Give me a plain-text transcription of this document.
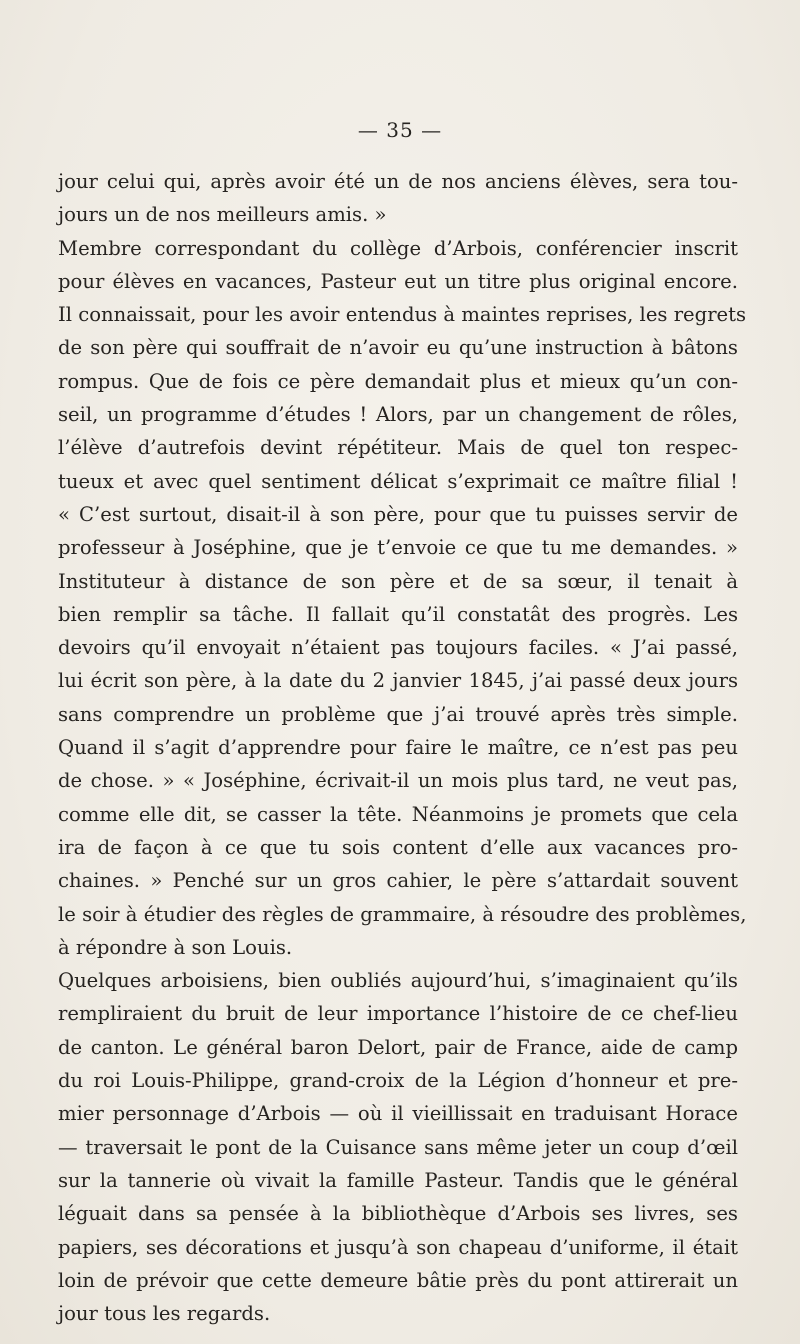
— 35 —
jour celui qui, après avoir été un de nos anciens élèves, sera tou-
jours un de nos meilleurs amis. »
Membre correspondant du collège d’Arbois, conférencier inscrit
pour élèves en vacances, Pasteur eut un titre plus original encore.
Il connaissait, pour les avoir entendus à maintes reprises, les regrets
de son père qui souffrait de n’avoir eu qu’une instruction à bâtons
rompus. Que de fois ce père demandait plus et mieux qu’un con-
seil, un programme d’études ! Alors, par un changement de rôles,
l’élève d’autrefois devint répétiteur. Mais de quel ton respec-
tueux et avec quel sentiment délicat s’exprimait ce maître filial !
« C’est surtout, disait-il à son père, pour que tu puisses servir de
professeur à Joséphine, que je t’envoie ce que tu me demandes. »
Instituteur à distance de son père et de sa sœur, il tenait à
bien remplir sa tâche. Il fallait qu’il constatât des progrès. Les
devoirs qu’il envoyait n’étaient pas toujours faciles. « J’ai passé,
lui écrit son père, à la date du 2 janvier 1845, j’ai passé deux jours
sans comprendre un problème que j’ai trouvé après très simple.
Quand il s’agit d’apprendre pour faire le maître, ce n’est pas peu
de chose. » « Joséphine, écrivait-il un mois plus tard, ne veut pas,
comme elle dit, se casser la tête. Néanmoins je promets que cela
ira de façon à ce que tu sois content d’elle aux vacances pro-
chaines. » Penché sur un gros cahier, le père s’attardait souvent
le soir à étudier des règles de grammaire, à résoudre des problèmes,
à répondre à son Louis.
Quelques arboisiens, bien oubliés aujourd’hui, s’imaginaient qu’ils
rempliraient du bruit de leur importance l’histoire de ce chef-lieu
de canton. Le général baron Delort, pair de France, aide de camp
du roi Louis-Philippe, grand-croix de la Légion d’honneur et pre-
mier personnage d’Arbois — où il vieillissait en traduisant Horace
— traversait le pont de la Cuisance sans même jeter un coup d’œil
sur la tannerie où vivait la famille Pasteur. Tandis que le général
léguait dans sa pensée à la bibliothèque d’Arbois ses livres, ses
papiers, ses décorations et jusqu’à son chapeau d’uniforme, il était
loin de prévoir que cette demeure bâtie près du pont attirerait un
jour tous les regards.
